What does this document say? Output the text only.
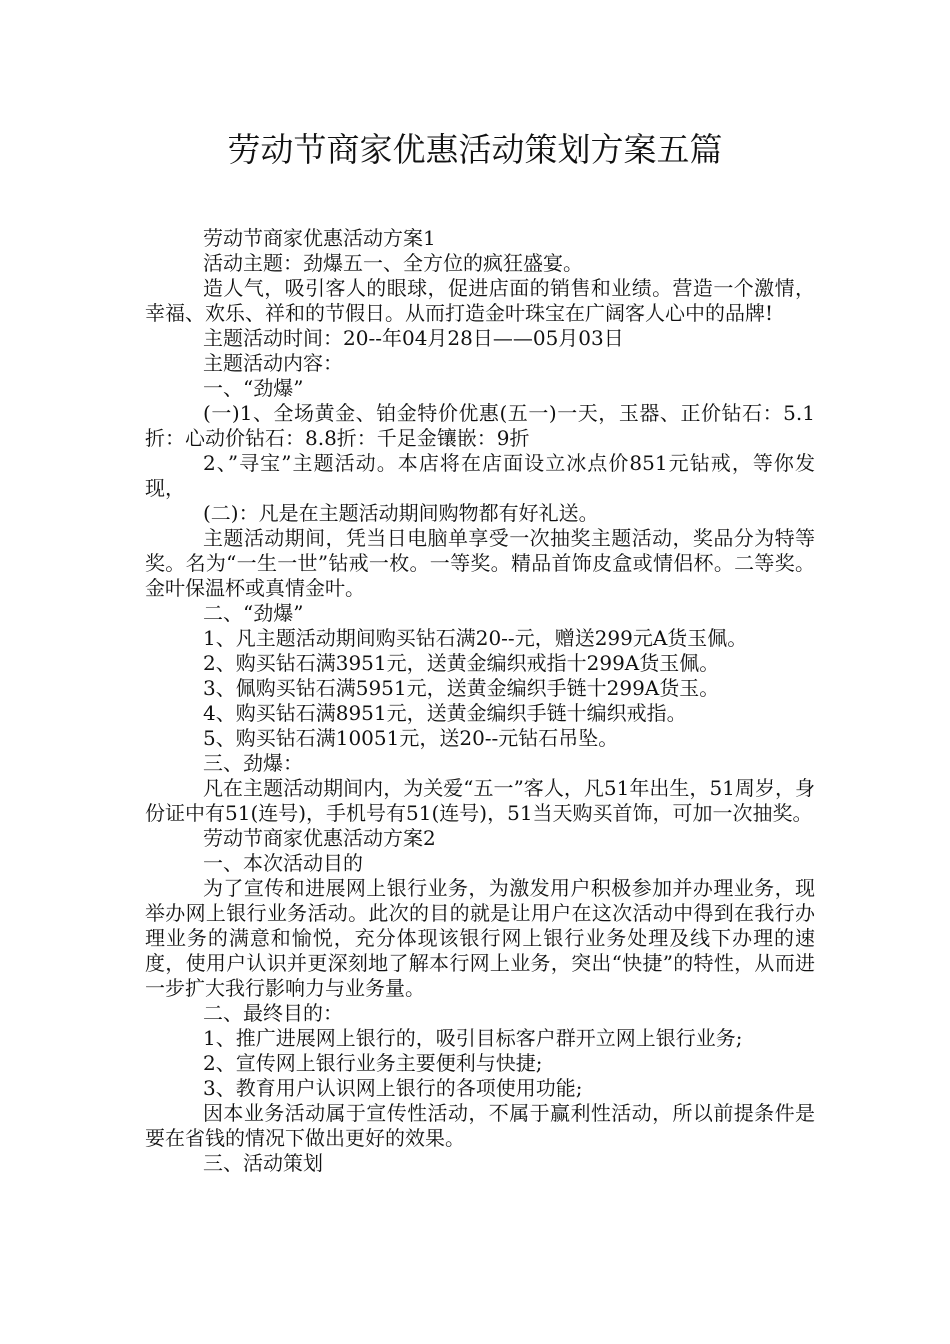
劳动节商家优惠活动策划方案五篇

劳动节商家优惠活动方案1

活动主题：劲爆五一、全方位的疯狂盛宴。

造人气，吸引客人的眼球，促进店面的销售和业绩。营造一个激情，幸福、欢乐、祥和的节假日。从而打造金叶珠宝在广阔客人心中的品牌!

主题活动时间：20--年04月28日——05月03日

主题活动内容：

一、“劲爆”

(一)1、全场黄金、铂金特价优惠(五一)一天，玉器、正价钻石：5.1折：心动价钻石：8.8折：千足金镶嵌：9折

2、”寻宝”主题活动。本店将在店面设立冰点价851元钻戒，等你发现，

(二)：凡是在主题活动期间购物都有好礼送。

主题活动期间，凭当日电脑单享受一次抽奖主题活动，奖品分为特等奖。名为“一生一世”钻戒一枚。一等奖。精品首饰皮盒或情侣杯。二等奖。金叶保温杯或真情金叶。

二、“劲爆”

1、凡主题活动期间购买钻石满20--元，赠送299元A货玉佩。

2、购买钻石满3951元，送黄金编织戒指十299A货玉佩。

3、佩购买钻石满5951元，送黄金编织手链十299A货玉。

4、购买钻石满8951元，送黄金编织手链十编织戒指。

5、购买钻石满10051元，送20--元钻石吊坠。

三、劲爆：

凡在主题活动期间内，为关爱“五一”客人，凡51年出生，51周岁，身份证中有51(连号)，手机号有51(连号)，51当天购买首饰，可加一次抽奖。

劳动节商家优惠活动方案2

一、本次活动目的

为了宣传和进展网上银行业务，为激发用户积极参加并办理业务，现举办网上银行业务活动。此次的目的就是让用户在这次活动中得到在我行办理业务的满意和愉悦，充分体现该银行网上银行业务处理及线下办理的速度，使用户认识并更深刻地了解本行网上业务，突出“快捷”的特性，从而进一步扩大我行影响力与业务量。

二、最终目的：

1、推广进展网上银行的，吸引目标客户群开立网上银行业务;

2、宣传网上银行业务主要便利与快捷;

3、教育用户认识网上银行的各项使用功能;

因本业务活动属于宣传性活动，不属于赢利性活动，所以前提条件是要在省钱的情况下做出更好的效果。

三、活动策划
